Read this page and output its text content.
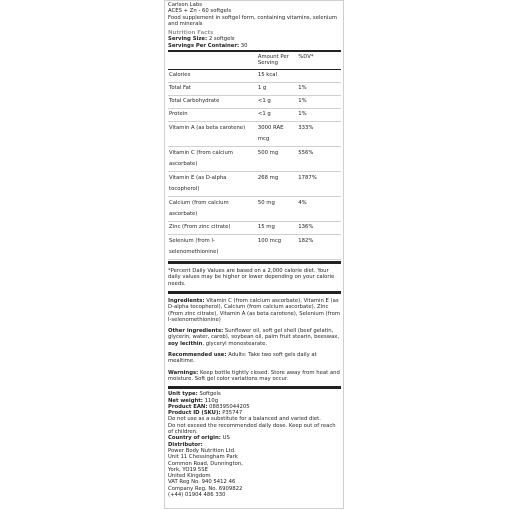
Carlson Labs
ACES + Zn - 60 softgels
Food supplement in softgel form, containing vitamins, selenium and minerals
Nutrition Facts
Serving Size: 2 softgels
Servings Per Container: 30
	Amount Per Serving	%DV*
Calories	15 kcal	
Total Fat	1 g	1%
Total Carbohydrate	<1 g	1%
Protein	<1 g	1%
Vitamin A (as beta carotene)	3000 RAE mcg	333%
Vitamin C (from calcium ascorbate)	500 mg	556%
Vitamin E (as D-alpha tocopherol)	268 mg	1787%
Calcium (from calcium ascorbate)	50 mg	4%
Zinc (From zinc citrate)	15 mg	136%
Selenium (from l-selenomethionine)	100 mcg	182%
*Percent Daily Values are based on a 2,000 calorie diet. Your daily values may be higher or lower depending on your calorie needs.
Ingredients: Vitamin C (from calcium ascorbate), Vitamin E (as D-alpha tocopherol), Calcium (from calcium ascorbate), Zinc (From zinc citrate), Vitamin A (as beta carotene), Selenium (from l-selenomethionine)
Other ingredients: Sunflower oil, soft gel shell (beef gelatin, glycerin, water, carob), soybean oil, palm fruit stearin, beeswax, soy lecithin, glyceryl monostearate.
Recommended use: Adults: Take two soft gels daily at mealtime.
Warnings: Keep bottle tightly closed. Store away from heat and moisture. Soft gel color variations may occur.
Unit type: Softgels
Net weight: 110g
Product EAN: 088395044205
Product ID (SKU): P35747
Do not use as a substitute for a balanced and varied diet.
Do not exceed the recommended daily dose. Keep out of reach of children.
Country of origin: US
Distributor:
Power Body Nutrition Ltd.
Unit 11 Chessingham Park
Common Road, Dunnington,
York, YO19 5SE
United Kingdom
VAT Reg No. 940 5412 46
Company Reg. No. 6909822
(+44) 01904 486 330
